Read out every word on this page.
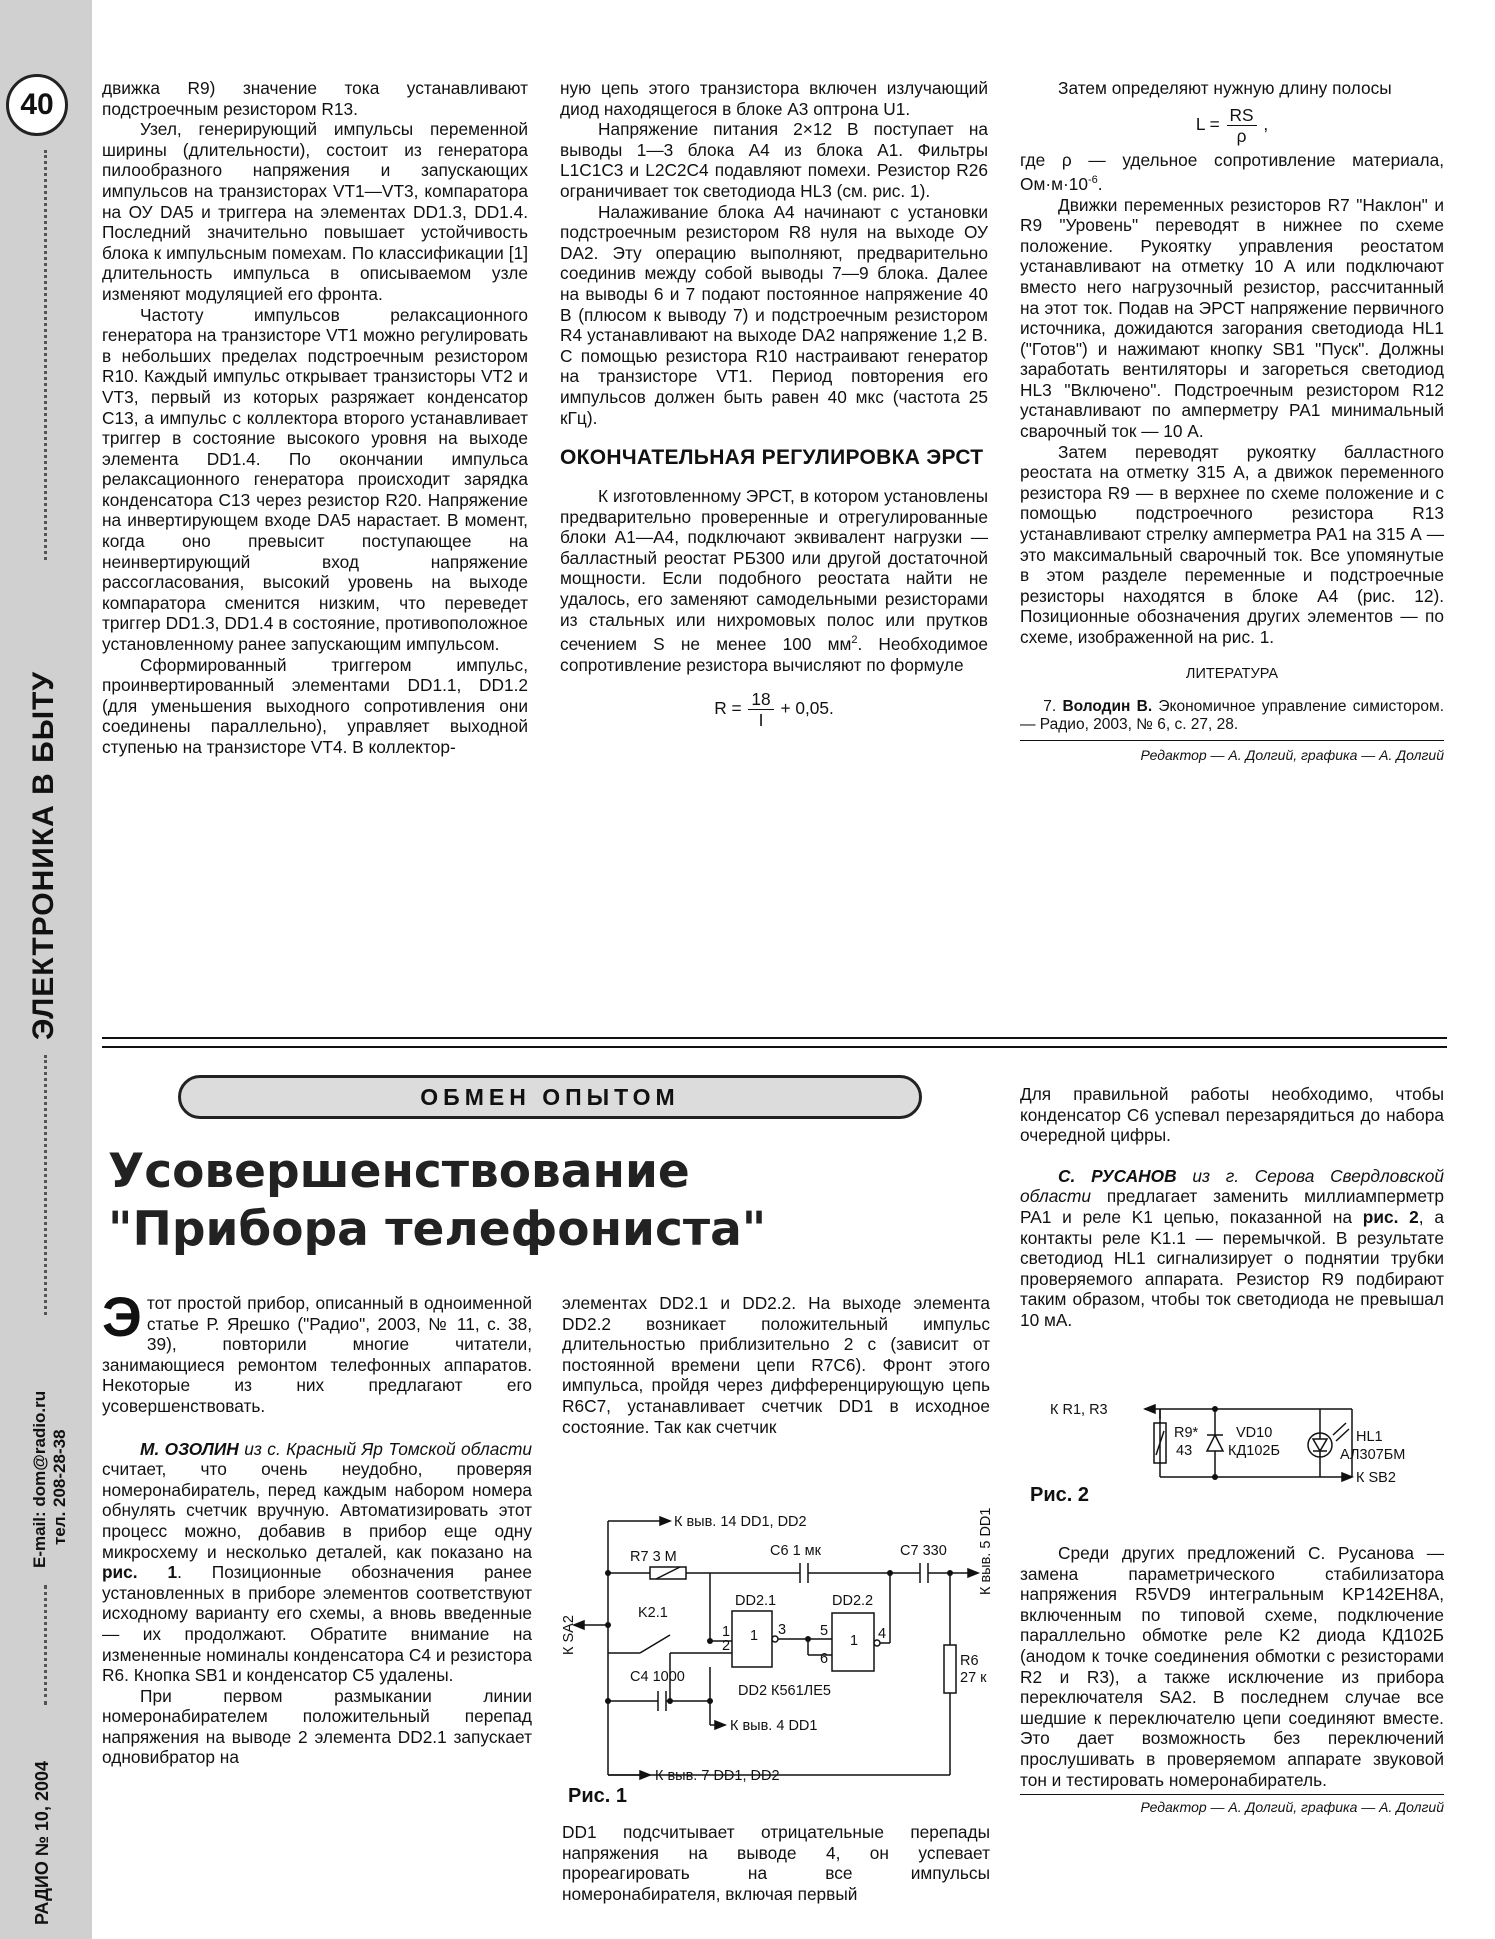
40
ЭЛЕКТРОНИКА В БЫТУ
E-mail: dom@radio.ru тел. 208-28-38
РАДИО № 10, 2004

движка R9) значение тока устанавливают подстроечным резистором R13.

Узел, генерирующий импульсы переменной ширины (длительности), состоит из генератора пилообразного напряжения и запускающих импульсов на транзисторах VT1—VT3, компаратора на ОУ DA5 и триггера на элементах DD1.3, DD1.4. Последний значительно повышает устойчивость блока к импульсным помехам. По классификации [1] длительность импульса в описываемом узле изменяют модуляцией его фронта.

Частоту импульсов релаксационного генератора на транзисторе VT1 можно регулировать в небольших пределах подстроечным резистором R10. Каждый импульс открывает транзисторы VT2 и VT3, первый из которых разряжает конденсатор C13, а импульс с коллектора второго устанавливает триггер в состояние высокого уровня на выходе элемента DD1.4. По окончании импульса релаксационного генератора происходит зарядка конденсатора C13 через резистор R20. Напряжение на инвертирующем входе DA5 нарастает. В момент, когда оно превысит поступающее на неинвертирующий вход напряжение рассогласования, высокий уровень на выходе компаратора сменится низким, что переведет триггер DD1.3, DD1.4 в состояние, противоположное установленному ранее запускающим импульсом.

Сформированный триггером импульс, проинвертированный элементами DD1.1, DD1.2 (для уменьшения выходного сопротивления они соединены параллельно), управляет выходной ступенью на транзисторе VT4. В коллектор-

ную цепь этого транзистора включен излучающий диод находящегося в блоке A3 оптрона U1.

Напряжение питания 2×12 В поступает на выводы 1—3 блока A4 из блока A1. Фильтры L1C1C3 и L2C2C4 подавляют помехи. Резистор R26 ограничивает ток светодиода HL3 (см. рис. 1).

Налаживание блока A4 начинают с установки подстроечным резистором R8 нуля на выходе ОУ DA2. Эту операцию выполняют, предварительно соединив между собой выводы 7—9 блока. Далее на выводы 6 и 7 подают постоянное напряжение 40 В (плюсом к выводу 7) и подстроечным резистором R4 устанавливают на выходе DA2 напряжение 1,2 В. С помощью резистора R10 настраивают генератор на транзисторе VT1. Период повторения его импульсов должен быть равен 40 мкс (частота 25 кГц).

ОКОНЧАТЕЛЬНАЯ РЕГУЛИРОВКА ЭРСТ

К изготовленному ЭРСТ, в котором установлены предварительно проверенные и отрегулированные блоки A1—A4, подключают эквивалент нагрузки — балластный реостат РБ300 или другой достаточной мощности. Если подобного реостата найти не удалось, его заменяют самодельными резисторами из стальных или нихромовых полос или прутков сечением S не менее 100 $мм^2$. Необходимое сопротивление резистора вычисляют по формуле

$R = \frac{18}{I} + 0,05$.

Затем определяют нужную длину полосы

$L = \frac{RS}{\rho}$ ,

где ρ — удельное сопротивление материала, $Ом\cdot м\cdot 10^{-6}$.

Движки переменных резисторов R7 "Наклон" и R9 "Уровень" переводят в нижнее по схеме положение. Рукоятку управления реостатом устанавливают на отметку 10 А или подключают вместо него нагрузочный резистор, рассчитанный на этот ток. Подав на ЭРСТ напряжение первичного источника, дожидаются загорания светодиода HL1 ("Готов") и нажимают кнопку SB1 "Пуск". Должны заработать вентиляторы и загореться светодиод HL3 "Включено". Подстроечным резистором R12 устанавливают по амперметру PA1 минимальный сварочный ток — 10 А.

Затем переводят рукоятку балластного реостата на отметку 315 А, а движок переменного резистора R9 — в верхнее по схеме положение и с помощью подстроечного резистора R13 устанавливают стрелку амперметра PA1 на 315 А — это максимальный сварочный ток. Все упомянутые в этом разделе переменные и подстроечные резисторы находятся в блоке A4 (рис. 12). Позиционные обозначения других элементов — по схеме, изображенной на рис. 1.

ЛИТЕРАТУРА

7. Володин В. Экономичное управление симистором. — Радио, 2003, № 6, с. 27, 28.

Редактор — А. Долгий, графика — А. Долгий
ОБМЕН ОПЫТОМ
Усовершенствование
"Прибора телефониста"

Этот простой прибор, описанный в одноименной статье Р. Ярешко ("Радио", 2003, № 11, с. 38, 39), повторили многие читатели, занимающиеся ремонтом телефонных аппаратов. Некоторые из них предлагают его усовершенствовать.

М. ОЗОЛИН из с. Красный Яр Томской области считает, что очень неудобно, проверяя номеронабиратель, перед каждым набором номера обнулять счетчик вручную. Автоматизировать этот процесс можно, добавив в прибор еще одну микросхему и несколько деталей, как показано на рис. 1. Позиционные обозначения ранее установленных в приборе элементов соответствуют исходному варианту его схемы, а вновь введенные — их продолжают. Обратите внимание на измененные номиналы конденсатора C4 и резистора R6. Кнопка SB1 и конденсатор C5 удалены.

При первом размыкании линии номеронабирателем положительный перепад напряжения на выводе 2 элемента DD2.1 запускает одновибратор на

элементах DD2.1 и DD2.2. На выходе элемента DD2.2 возникает положительный импульс длительностью приблизительно 2 с (зависит от постоянной времени цепи R7C6). Фронт этого импульса, пройдя через дифференцирующую цепь R6C7, устанавливает счетчик DD1 в исходное состояние. Так как счетчик

К выв. 14 DD1, DD2
R7 3 М	C6 1 мк	C7 330
DD2.1	DD2.2
1	1
1
2
3 5
6
4
K2.1
C4 1000
DD2 К561ЛЕ5
К выв. 4 DD1
К выв. 7 DD1, DD2
R6
27 к
К SA2
К выв. 5 DD1
Рис. 1

DD1 подсчитывает отрицательные перепады напряжения на выводе 4, он успевает прореагировать на все импульсы номеронабирателя, включая первый

Для правильной работы необходимо, чтобы конденсатор C6 успевал перезарядиться до набора очередной цифры.

С. РУСАНОВ из г. Серова Свердловской области предлагает заменить миллиамперметр PA1 и реле K1 цепью, показанной на рис. 2, а контакты реле K1.1 — перемычкой. В результате светодиод HL1 сигнализирует о поднятии трубки проверяемого аппарата. Резистор R9 подбирают таким образом, чтобы ток светодиода не превышал 10 мА.

К R1, R3
R9*
43
VD10
КД102Б
HL1
АЛ307БМ
К SB2
Рис. 2

Среди других предложений С. Русанова — замена параметрического стабилизатора напряжения R5VD9 интегральным KP142EH8A, включенным по типовой схеме, подключение параллельно обмотке реле K2 диода КД102Б (анодом к точке соединения обмотки с резисторами R2 и R3), а также исключение из прибора переключателя SA2. В последнем случае все шедшие к переключателю цепи соединяют вместе. Это дает возможность без переключений прослушивать в проверяемом аппарате звуковой тон и тестировать номеронабиратель.

Редактор — А. Долгий, графика — А. Долгий
